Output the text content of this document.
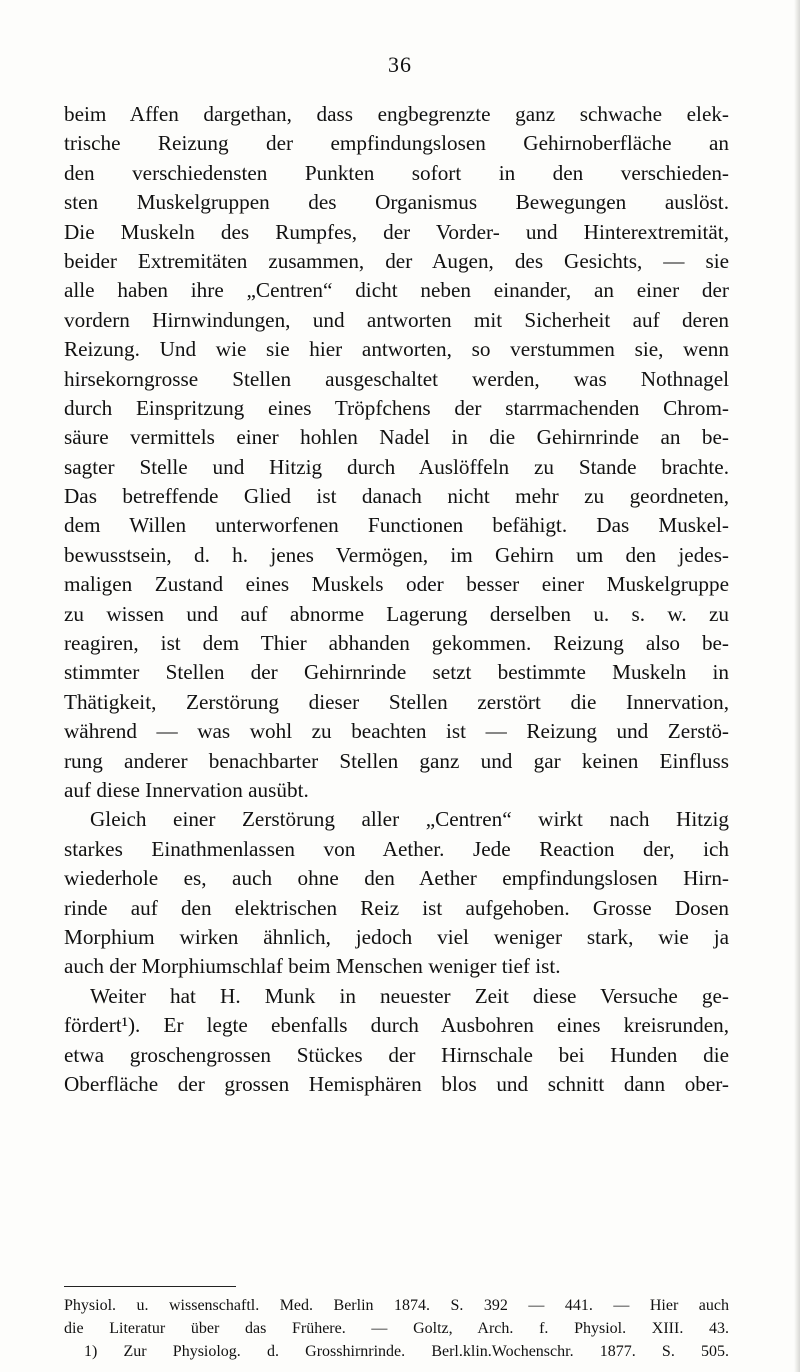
36
beim Affen dargethan, dass engbegrenzte ganz schwache elek-
trische Reizung der empfindungslosen Gehirnoberfläche an
den verschiedensten Punkten sofort in den verschieden-
sten Muskelgruppen des Organismus Bewegungen auslöst.
Die Muskeln des Rumpfes, der Vorder- und Hinterextremität,
beider Extremitäten zusammen, der Augen, des Gesichts, — sie
alle haben ihre „Centren“ dicht neben einander, an einer der
vordern Hirnwindungen, und antworten mit Sicherheit auf deren
Reizung. Und wie sie hier antworten, so verstummen sie, wenn
hirsekorngrosse Stellen ausgeschaltet werden, was Nothnagel
durch Einspritzung eines Tröpfchens der starrmachenden Chrom-
säure vermittels einer hohlen Nadel in die Gehirnrinde an be-
sagter Stelle und Hitzig durch Auslöffeln zu Stande brachte.
Das betreffende Glied ist danach nicht mehr zu geordneten,
dem Willen unterworfenen Functionen befähigt. Das Muskel-
bewusstsein, d. h. jenes Vermögen, im Gehirn um den jedes-
maligen Zustand eines Muskels oder besser einer Muskelgruppe
zu wissen und auf abnorme Lagerung derselben u. s. w. zu
reagiren, ist dem Thier abhanden gekommen. Reizung also be-
stimmter Stellen der Gehirnrinde setzt bestimmte Muskeln in
Thätigkeit, Zerstörung dieser Stellen zerstört die Innervation,
während — was wohl zu beachten ist — Reizung und Zerstö-
rung anderer benachbarter Stellen ganz und gar keinen Einfluss
auf diese Innervation ausübt.
Gleich einer Zerstörung aller „Centren“ wirkt nach Hitzig
starkes Einathmenlassen von Aether. Jede Reaction der, ich
wiederhole es, auch ohne den Aether empfindungslosen Hirn-
rinde auf den elektrischen Reiz ist aufgehoben. Grosse Dosen
Morphium wirken ähnlich, jedoch viel weniger stark, wie ja
auch der Morphiumschlaf beim Menschen weniger tief ist.
Weiter hat H. Munk in neuester Zeit diese Versuche ge-
fördert¹). Er legte ebenfalls durch Ausbohren eines kreisrunden,
etwa groschengrossen Stückes der Hirnschale bei Hunden die
Oberfläche der grossen Hemisphären blos und schnitt dann ober-
Physiol. u. wissenschaftl. Med. Berlin 1874. S. 392 — 441. — Hier auch
die Literatur über das Frühere. — Goltz, Arch. f. Physiol. XIII. 43.
1) Zur Physiolog. d. Grosshirnrinde. Berl.klin.Wochenschr. 1877. S. 505.
